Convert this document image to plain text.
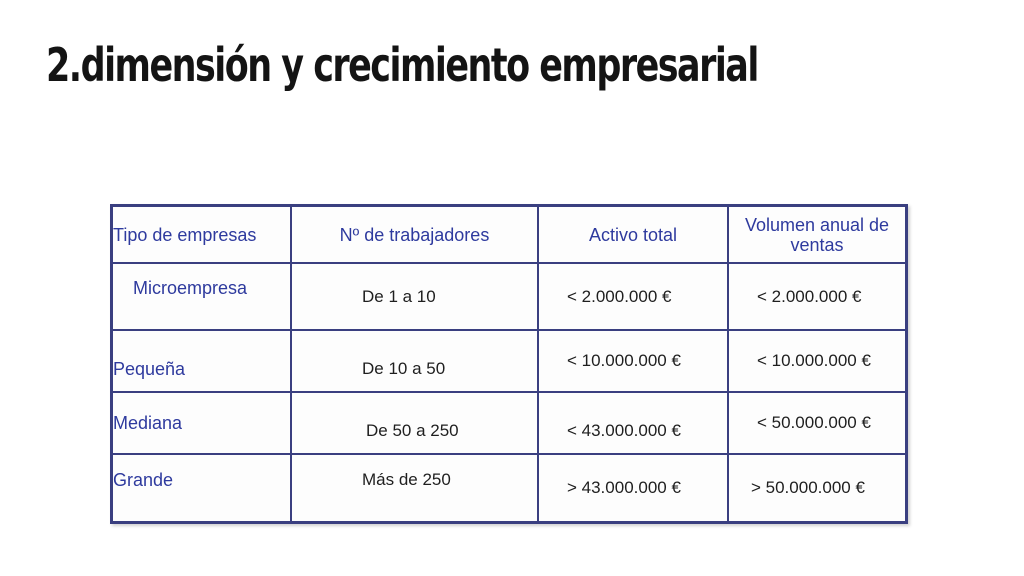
2.dimensión y crecimiento empresarial
Tipo de empresas	Nº de trabajadores	Activo total	Volumen anual de ventas

Microempresa	De 1 a 10	< 2.000.000 €	< 2.000.000 €

Pequeña	De 10 a 50	< 10.000.000 €	< 10.000.000 €

Mediana	De 50 a 250	< 43.000.000 €	< 50.000.000 €

Grande	Más de 250	> 43.000.000 €	> 50.000.000 €
